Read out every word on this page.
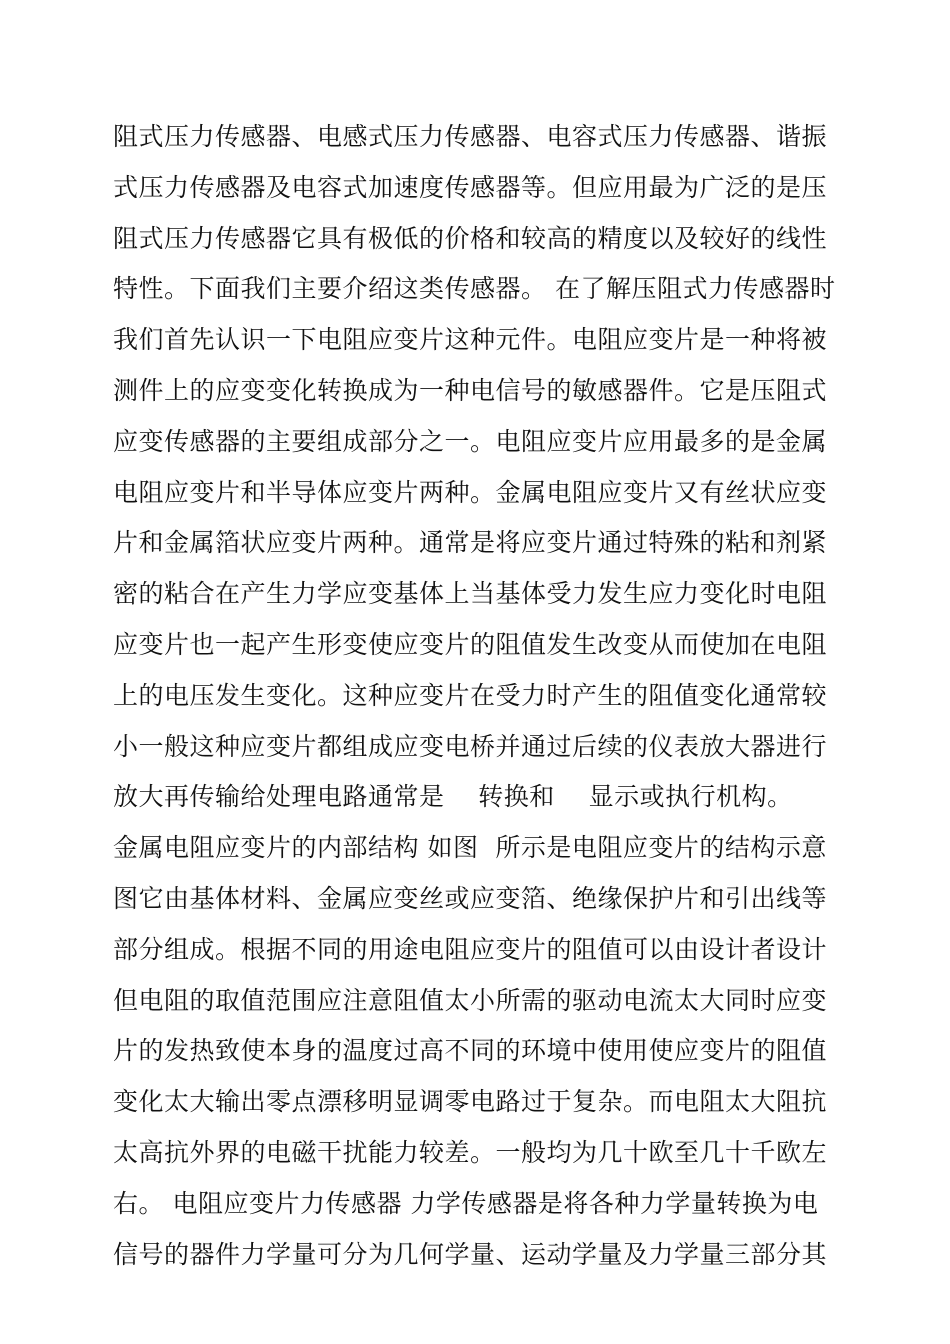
阻式压力传感器、电感式压力传感器、电容式压力传感器、谐振
式压力传感器及电容式加速度传感器等。但应用最为广泛的是压
阻式压力传感器它具有极低的价格和较高的精度以及较好的线性
特性。下面我们主要介绍这类传感器。 在了解压阻式力传感器时
我们首先认识一下电阻应变片这种元件。电阻应变片是一种将被
测件上的应变变化转换成为一种电信号的敏感器件。它是压阻式
应变传感器的主要组成部分之一。电阻应变片应用最多的是金属
电阻应变片和半导体应变片两种。金属电阻应变片又有丝状应变
片和金属箔状应变片两种。通常是将应变片通过特殊的粘和剂紧
密的粘合在产生力学应变基体上当基体受力发生应力变化时电阻
应变片也一起产生形变使应变片的阻值发生改变从而使加在电阻
上的电压发生变化。这种应变片在受力时产生的阻值变化通常较
小一般这种应变片都组成应变电桥并通过后续的仪表放大器进行
放大再传输给处理电路通常是    转换和    显示或执行机构。
金属电阻应变片的内部结构 如图  所示是电阻应变片的结构示意
图它由基体材料、金属应变丝或应变箔、绝缘保护片和引出线等
部分组成。根据不同的用途电阻应变片的阻值可以由设计者设计
但电阻的取值范围应注意阻值太小所需的驱动电流太大同时应变
片的发热致使本身的温度过高不同的环境中使用使应变片的阻值
变化太大输出零点漂移明显调零电路过于复杂。而电阻太大阻抗
太高抗外界的电磁干扰能力较差。一般均为几十欧至几十千欧左
右。 电阻应变片力传感器 力学传感器是将各种力学量转换为电
信号的器件力学量可分为几何学量、运动学量及力学量三部分其
